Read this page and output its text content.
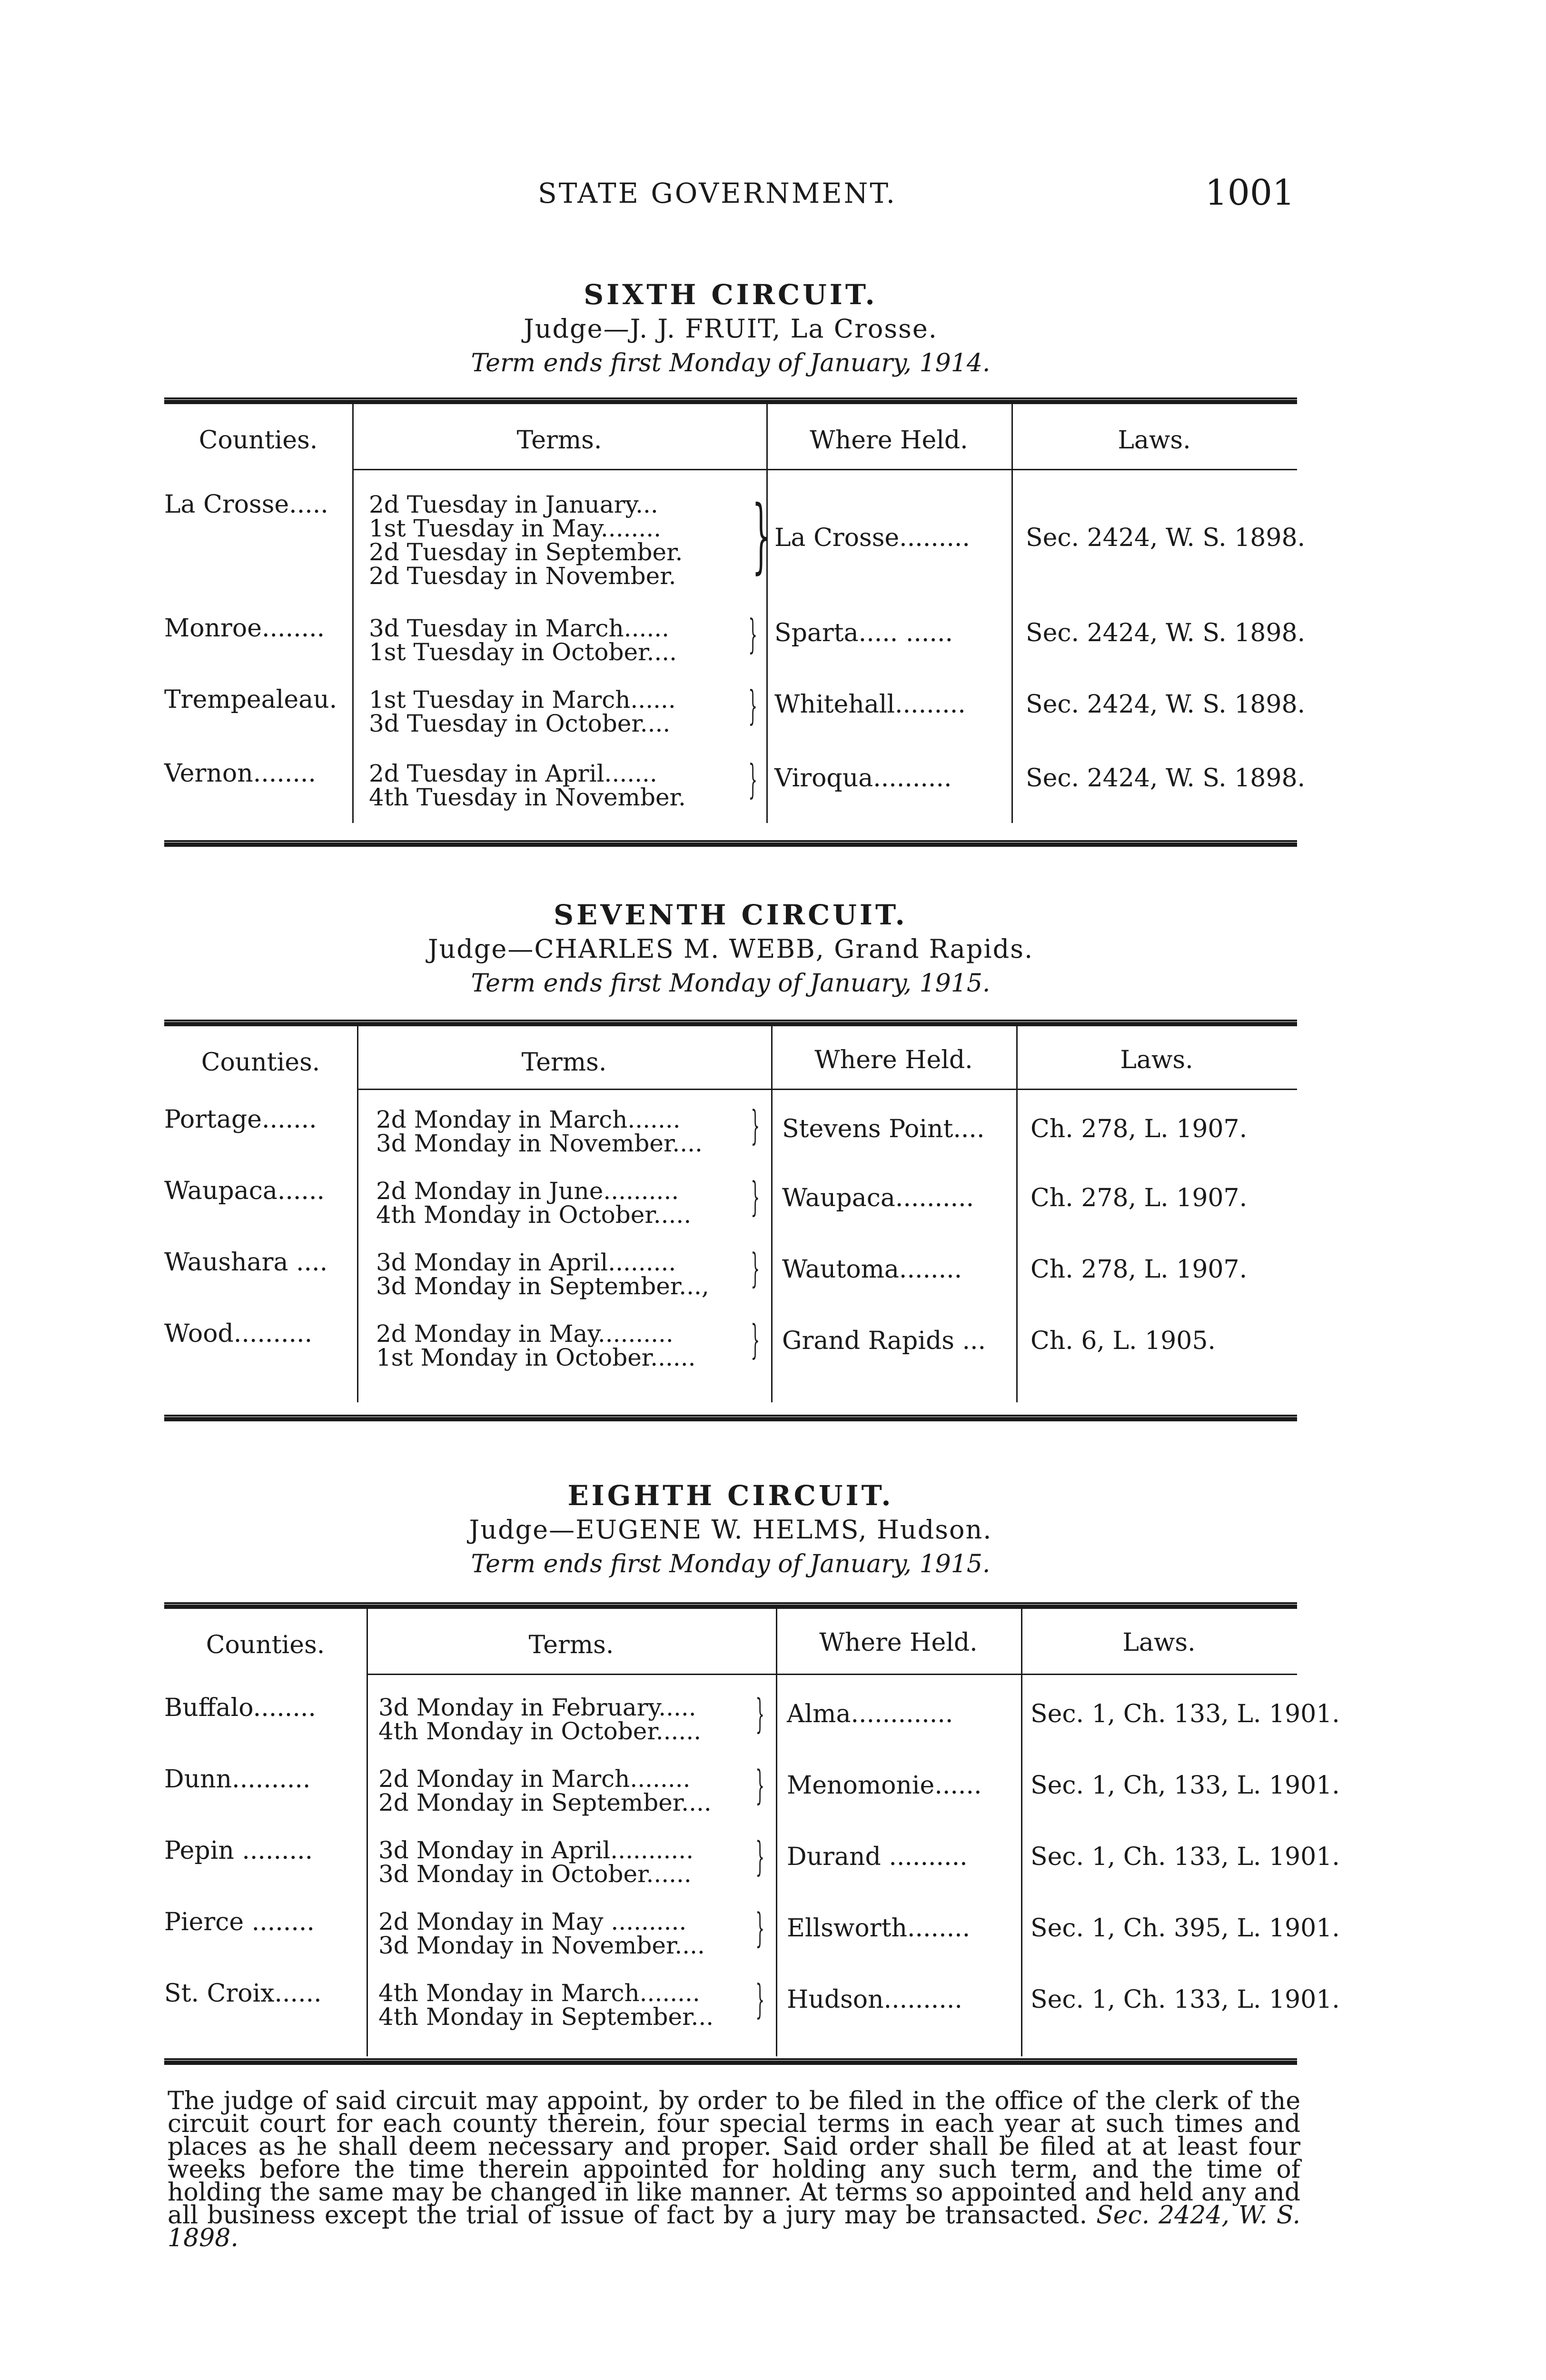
STATE GOVERNMENT.	1001
SIXTH CIRCUIT.
Judge—J. J. FRUIT, La Crosse.
Term ends first Monday of January, 1914.
Counties.	Terms.	Where Held.	Laws.
La Crosse..... 2d Tuesday in January...
1st Tuesday in May........
2d Tuesday in September.
2d Tuesday in November. } La Crosse......... Sec. 2424, W. S. 1898.
Monroe........ 3d Tuesday in March......
1st Tuesday in October.... } Sparta..... ......	Sec. 2424, W. S. 1898.
Trempealeau. 1st Tuesday in March......
3d Tuesday in October.... } Whitehall......... Sec. 2424, W. S. 1898.
Vernon........ 2d Tuesday in April.......
4th Tuesday in November. } Viroqua..........	Sec. 2424, W. S. 1898.
SEVENTH CIRCUIT.
Judge—CHARLES M. WEBB, Grand Rapids.
Term ends first Monday of January, 1915.
Counties.	Terms.	Where Held.	Laws.
Portage....... 2d Monday in March.......
3d Monday in November.... } Stevens Point.... Ch. 278, L. 1907.
Waupaca...... 2d Monday in June..........
4th Monday in October..... } Waupaca.......... Ch. 278, L. 1907.
Waushara .... 3d Monday in April.........
3d Monday in September..., } Wautoma........	Ch. 278, L. 1907.
Wood..........	2d Monday in May..........
1st Monday in October...... } Grand Rapids ... Ch. 6, L. 1905.
EIGHTH CIRCUIT.
Judge—EUGENE W. HELMS, Hudson.
Term ends first Monday of January, 1915.
Counties.	Terms.	Where Held.	Laws.
Buffalo........	3d Monday in February.....
4th Monday in October...... } Alma.............	Sec. 1, Ch. 133, L. 1901.
Dunn..........	2d Monday in March........
2d Monday in September.... } Menomonie...... Sec. 1, Ch, 133, L. 1901.
Pepin .........	3d Monday in April...........
3d Monday in October...... } Durand ..........	Sec. 1, Ch. 133, L. 1901.
Pierce ........	2d Monday in May ..........
3d Monday in November.... } Ellsworth........ Sec. 1, Ch. 395, L. 1901.
St. Croix...... 4th Monday in March........
4th Monday in September... } Hudson..........	Sec. 1, Ch. 133, L. 1901.
The judge of said circuit may appoint, by order to be filed in the office of the clerk of the circuit court for each county therein, four special terms in each year at such times and places as he shall deem necessary and proper. Said order shall be filed at at least four weeks before the time therein appointed for holding any such term, and the time of holding the same may be changed in like manner. At terms so appointed and held any and all business except the trial of issue of fact by a jury may be transacted. Sec. 2424, W. S. 1898.
